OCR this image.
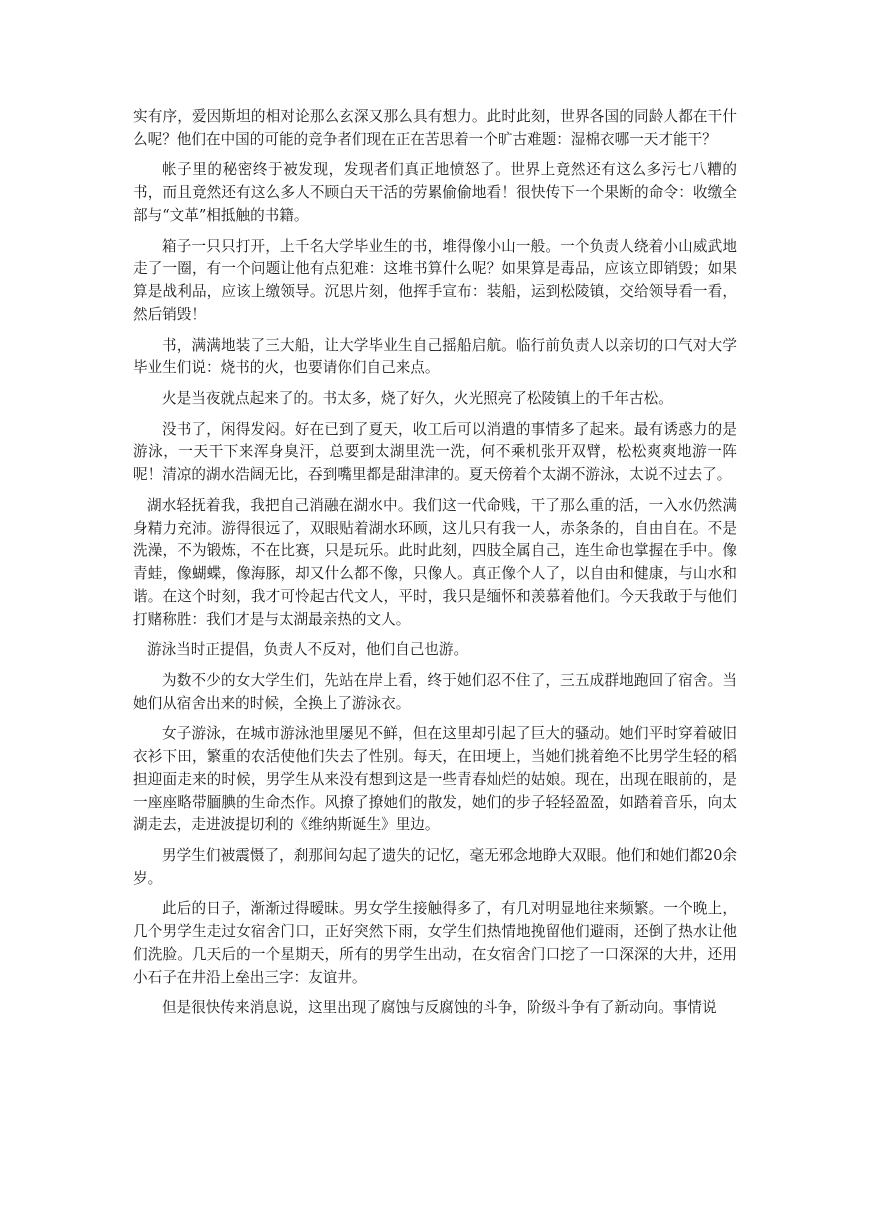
实有序，爱因斯坦的相对论那么玄深又那么具有想力。此时此刻，世界各国的同龄人都在干什么呢？他们在中国的可能的竞争者们现在正在苦思着一个旷古难题：湿棉衣哪一天才能干？

帐子里的秘密终于被发现，发现者们真正地愤怒了。世界上竟然还有这么多污七八糟的书，而且竟然还有这么多人不顾白天干活的劳累偷偷地看！很快传下一个果断的命令：收缴全部与“文革”相抵触的书籍。

箱子一只只打开，上千名大学毕业生的书，堆得像小山一般。一个负责人绕着小山威武地走了一圈，有一个问题让他有点犯难：这堆书算什么呢？如果算是毒品，应该立即销毁；如果算是战利品，应该上缴领导。沉思片刻，他挥手宣布：装船，运到松陵镇，交给领导看一看，然后销毁！

书，满满地装了三大船，让大学毕业生自己摇船启航。临行前负责人以亲切的口气对大学毕业生们说：烧书的火，也要请你们自己来点。

火是当夜就点起来了的。书太多，烧了好久，火光照亮了松陵镇上的千年古松。

没书了，闲得发闷。好在已到了夏天，收工后可以消遣的事情多了起来。最有诱惑力的是游泳，一天干下来浑身臭汗，总要到太湖里洗一洗，何不乘机张开双臂，松松爽爽地游一阵呢！清凉的湖水浩阔无比，吞到嘴里都是甜津津的。夏天傍着个太湖不游泳，太说不过去了。

湖水轻抚着我，我把自己消融在湖水中。我们这一代命贱，干了那么重的活，一入水仍然满身精力充沛。游得很远了，双眼贴着湖水环顾，这儿只有我一人，赤条条的，自由自在。不是洗澡，不为锻炼，不在比赛，只是玩乐。此时此刻，四肢全属自己，连生命也掌握在手中。像青蛙，像蝴蝶，像海豚，却又什么都不像，只像人。真正像个人了，以自由和健康，与山水和谐。在这个时刻，我才可怜起古代文人，平时，我只是缅怀和羡慕着他们。今天我敢于与他们打赌称胜：我们才是与太湖最亲热的文人。

游泳当时正提倡，负责人不反对，他们自己也游。

为数不少的女大学生们，先站在岸上看，终于她们忍不住了，三五成群地跑回了宿舍。当她们从宿舍出来的时候，全换上了游泳衣。

女子游泳，在城市游泳池里屡见不鲜，但在这里却引起了巨大的骚动。她们平时穿着破旧衣衫下田，繁重的农活使他们失去了性别。每天，在田埂上，当她们挑着绝不比男学生轻的稻担迎面走来的时候，男学生从来没有想到这是一些青春灿烂的姑娘。现在，出现在眼前的，是一座座略带腼腆的生命杰作。风撩了撩她们的散发，她们的步子轻轻盈盈，如踏着音乐，向太湖走去，走进波提切利的《维纳斯诞生》里边。

男学生们被震慑了，刹那间勾起了遗失的记忆，毫无邪念地睁大双眼。他们和她们都20余岁。

此后的日子，渐渐过得暧昧。男女学生接触得多了，有几对明显地往来频繁。一个晚上，几个男学生走过女宿舍门口，正好突然下雨，女学生们热情地挽留他们避雨，还倒了热水让他们洗脸。几天后的一个星期天，所有的男学生出动，在女宿舍门口挖了一口深深的大井，还用小石子在井沿上垒出三字：友谊井。

但是很快传来消息说，这里出现了腐蚀与反腐蚀的斗争，阶级斗争有了新动向。事情说
